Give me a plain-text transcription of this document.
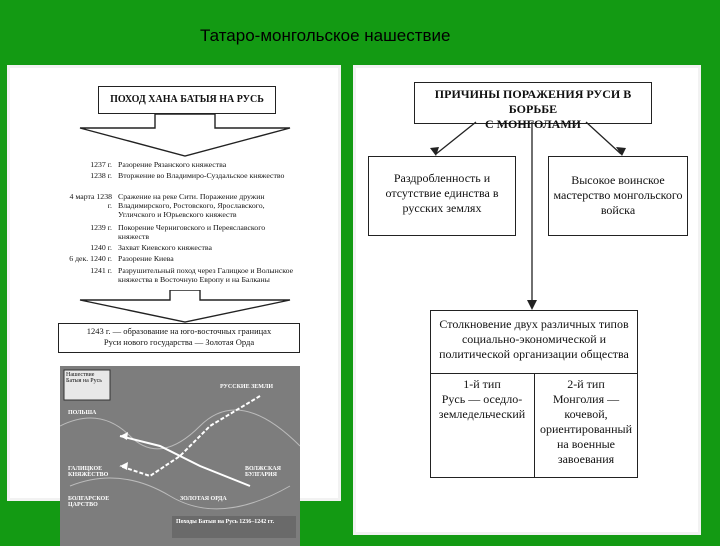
Татаро-монгольское нашествие
ПОХОД ХАНА БАТЫЯ НА РУСЬ
1237 г. Разорение Рязанского княжества
1238 г. Вторжение во Владимиро-Суздальское княжество
4 марта 1238 г.
Сражение на реке Сити. Поражение дружин Владимирского, Ростовского, Ярославского, Угличского и Юрьевского княжеств
1239 г. Покорение Черниговского и Переяславского княжеств
1240 г. Захват Киевского княжества
6 дек. 1240 г. Разорение Киева
1241 г. Разрушительный поход через Галицкое и Волынское княжества в Восточную Европу и на Балканы
1243 г. — образование на юго-восточных границах
Руси нового государства — Золотая Орда
Нашествие Батыя на Русь
ПОЛЬША
ГАЛИЦКОЕ КНЯЖЕСТВО
БОЛГАРСКОЕ ЦАРСТВО
ЗОЛОТАЯ ОРДА
РУССКИЕ ЗЕМЛИ
ВОЛЖСКАЯ БУЛГАРИЯ
Походы Батыя на Русь 1236–1242 гг.
ПРИЧИНЫ ПОРАЖЕНИЯ РУСИ В БОРЬБЕ
С МОНГОЛАМИ
Раздробленность и отсутствие единства в русских землях
Высокое воинское мастерство монгольского войска
Столкновение двух различных типов социально-экономической и политической организации общества
1-й тип
Русь — оседло-земледельческий
2-й тип
Монголия — кочевой, ориентированный на военные завоевания
